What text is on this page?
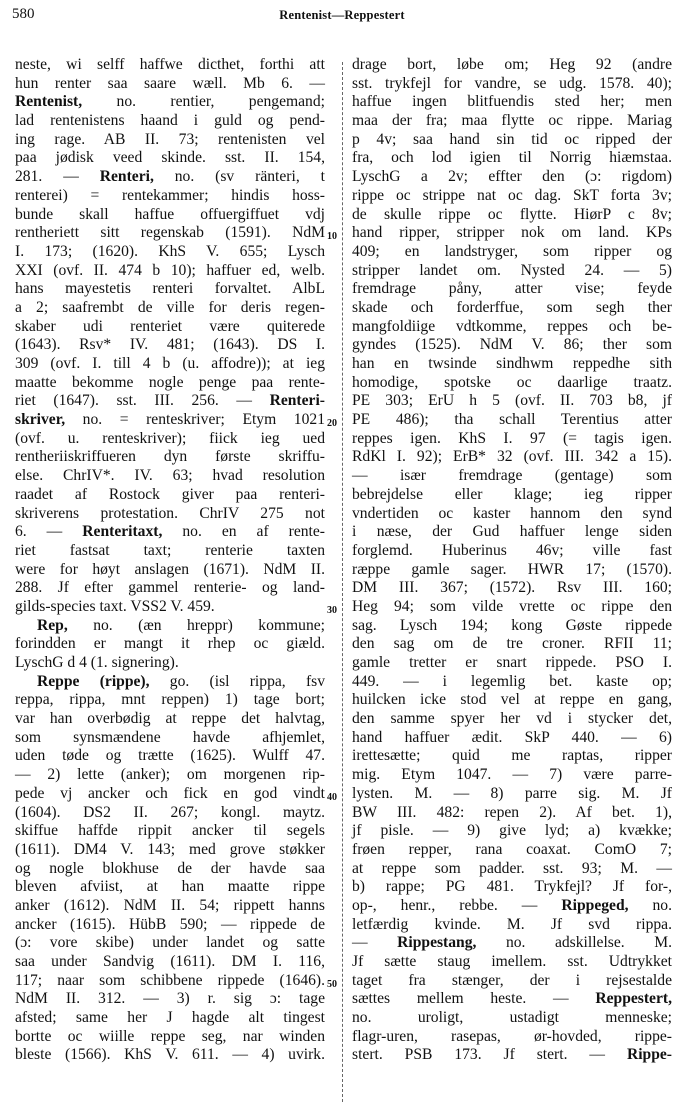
580	Rentenist—Reppestert
neste, wi selff haffwe dicthet, forthi att
hun renter saa saare wæll. Mb 6. —
Rentenist, no. rentier, pengemand;
lad rentenistens haand i guld og pend-
ing rage. AB II. 73; rentenisten vel
paa jødisk veed skinde. sst. II. 154,
281. — Renteri, no. (sv ränteri, t
renterei) = rentekammer; hindis hoss-
bunde skall haffue offuergiffuet vdj
rentheriett sitt regenskab (1591). NdM
I. 173; (1620). KhS V. 655; Lysch
XXI (ovf. II. 474 b 10); haffuer ed, welb.
hans mayestetis renteri forvaltet. AlbL
a 2; saafrembt de ville for deris regen-
skaber udi renteriet være quiterede
(1643). Rsv* IV. 481; (1643). DS I.
309 (ovf. I. till 4 b (u. affodre)); at ieg
maatte bekomme nogle penge paa rente-
riet (1647). sst. III. 256. — Renteri-
skriver, no. = renteskriver; Etym 1021
(ovf. u. renteskriver); fiick ieg ued
rentheriiskriffueren dyn første skriffu-
else. ChrIV*. IV. 63; hvad resolution
raadet af Rostock giver paa renteri-
skriverens protestation. ChrIV 275 not
6. — Renteritaxt, no. en af rente-
riet fastsat taxt; renterie taxten
were for høyt anslagen (1671). NdM II.
288. Jf efter gammel renterie- og land-
gilds-species taxt. VSS2 V. 459.
Rep, no. (æn hreppr) kommune;
forindden er mangt it rhep oc giæld.
LyschG d 4 (1. signering).
Reppe (rippe), go. (isl rippa, fsv
reppa, rippa, mnt reppen) 1) tage bort;
var han overbødig at reppe det halvtag,
som synsmændene havde afhjemlet,
uden tøde og trætte (1625). Wulff 47.
— 2) lette (anker); om morgenen rip-
pede vj ancker och fick en god vindt
(1604). DS2 II. 267; kongl. maytz.
skiffue haffde rippit ancker til segels
(1611). DM4 V. 143; med grove støkker
og nogle blokhuse de der havde saa
bleven afviist, at han maatte rippe
anker (1612). NdM II. 54; rippett hanns
ancker (1615). HübB 590; — rippede de
(ɔ: vore skibe) under landet og satte
saa under Sandvig (1611). DM I. 116,
117; naar som schibbene rippede (1646).
NdM II. 312. — 3) r. sig ɔ: tage
afsted; same her J hagde alt tingest
bortte oc wiille reppe seg, nar winden
bleste (1566). KhS V. 611. — 4) uvirk.
10
20
30
40
50
drage bort, løbe om; Heg 92 (andre
sst. trykfejl for vandre, se udg. 1578. 40);
haffue ingen blitfuendis sted her; men
maa der fra; maa flytte oc rippe. Mariag
p 4v; saa hand sin tid oc ripped der
fra, och lod igien til Norrig hiæmstaa.
LyschG a 2v; effter den (ɔ: rigdom)
rippe oc strippe nat oc dag. SkT forta 3v;
de skulle rippe oc flytte. HiørP c 8v;
hand ripper, stripper nok om land. KPs
409; en landstryger, som ripper og
stripper landet om. Nysted 24. — 5)
fremdrage påny, atter vise; feyde
skade och forderffue, som segh ther
mangfoldiige vdtkomme, reppes och be-
gyndes (1525). NdM V. 86; ther som
han en twsinde sindhwm reppedhe sith
homodige, spotske oc daarlige traatz.
PE 303; ErU h 5 (ovf. II. 703 b8, jf
PE 486); tha schall Terentius atter
reppes igen. KhS I. 97 (= tagis igen.
RdKl I. 92); ErB* 32 (ovf. III. 342 a 15).
— især fremdrage (gentage) som
bebrejdelse eller klage; ieg ripper
vndertiden oc kaster hannom den synd
i næse, der Gud haffuer lenge siden
forglemd. Huberinus 46v; ville fast
ræppe gamle sager. HWR 17; (1570).
DM III. 367; (1572). Rsv III. 160;
Heg 94; som vilde vrette oc rippe den
sag. Lysch 194; kong Gøste rippede
den sag om de tre croner. RFII 11;
gamle tretter er snart rippede. PSO I.
449. — i legemlig bet. kaste op;
huilcken icke stod vel at reppe en gang,
den samme spyer her vd i stycker det,
hand haffuer ædit. SkP 440. — 6)
irettesætte; quid me raptas, ripper
mig. Etym 1047. — 7) være parre-
lysten. M. — 8) parre sig. M. Jf
BW III. 482: repen 2). Af bet. 1),
jf pisle. — 9) give lyd; a) kvække;
frøen repper, rana coaxat. ComO 7;
at reppe som padder. sst. 93; M. —
b) rappe; PG 481. Trykfejl? Jf for-,
op-, henr., rebbe. — Rippeged, no.
letfærdig kvinde. M. Jf svd rippa.
— Rippestang, no. adskillelse. M.
Jf sætte staug imellem. sst. Udtrykket
taget fra stænger, der i rejsestalde
sættes mellem heste. — Reppestert,
no. uroligt, ustadigt menneske;
flagr-uren, rasepas, ør-hovded, rippe-
stert. PSB 173. Jf stert. — Rippe-
